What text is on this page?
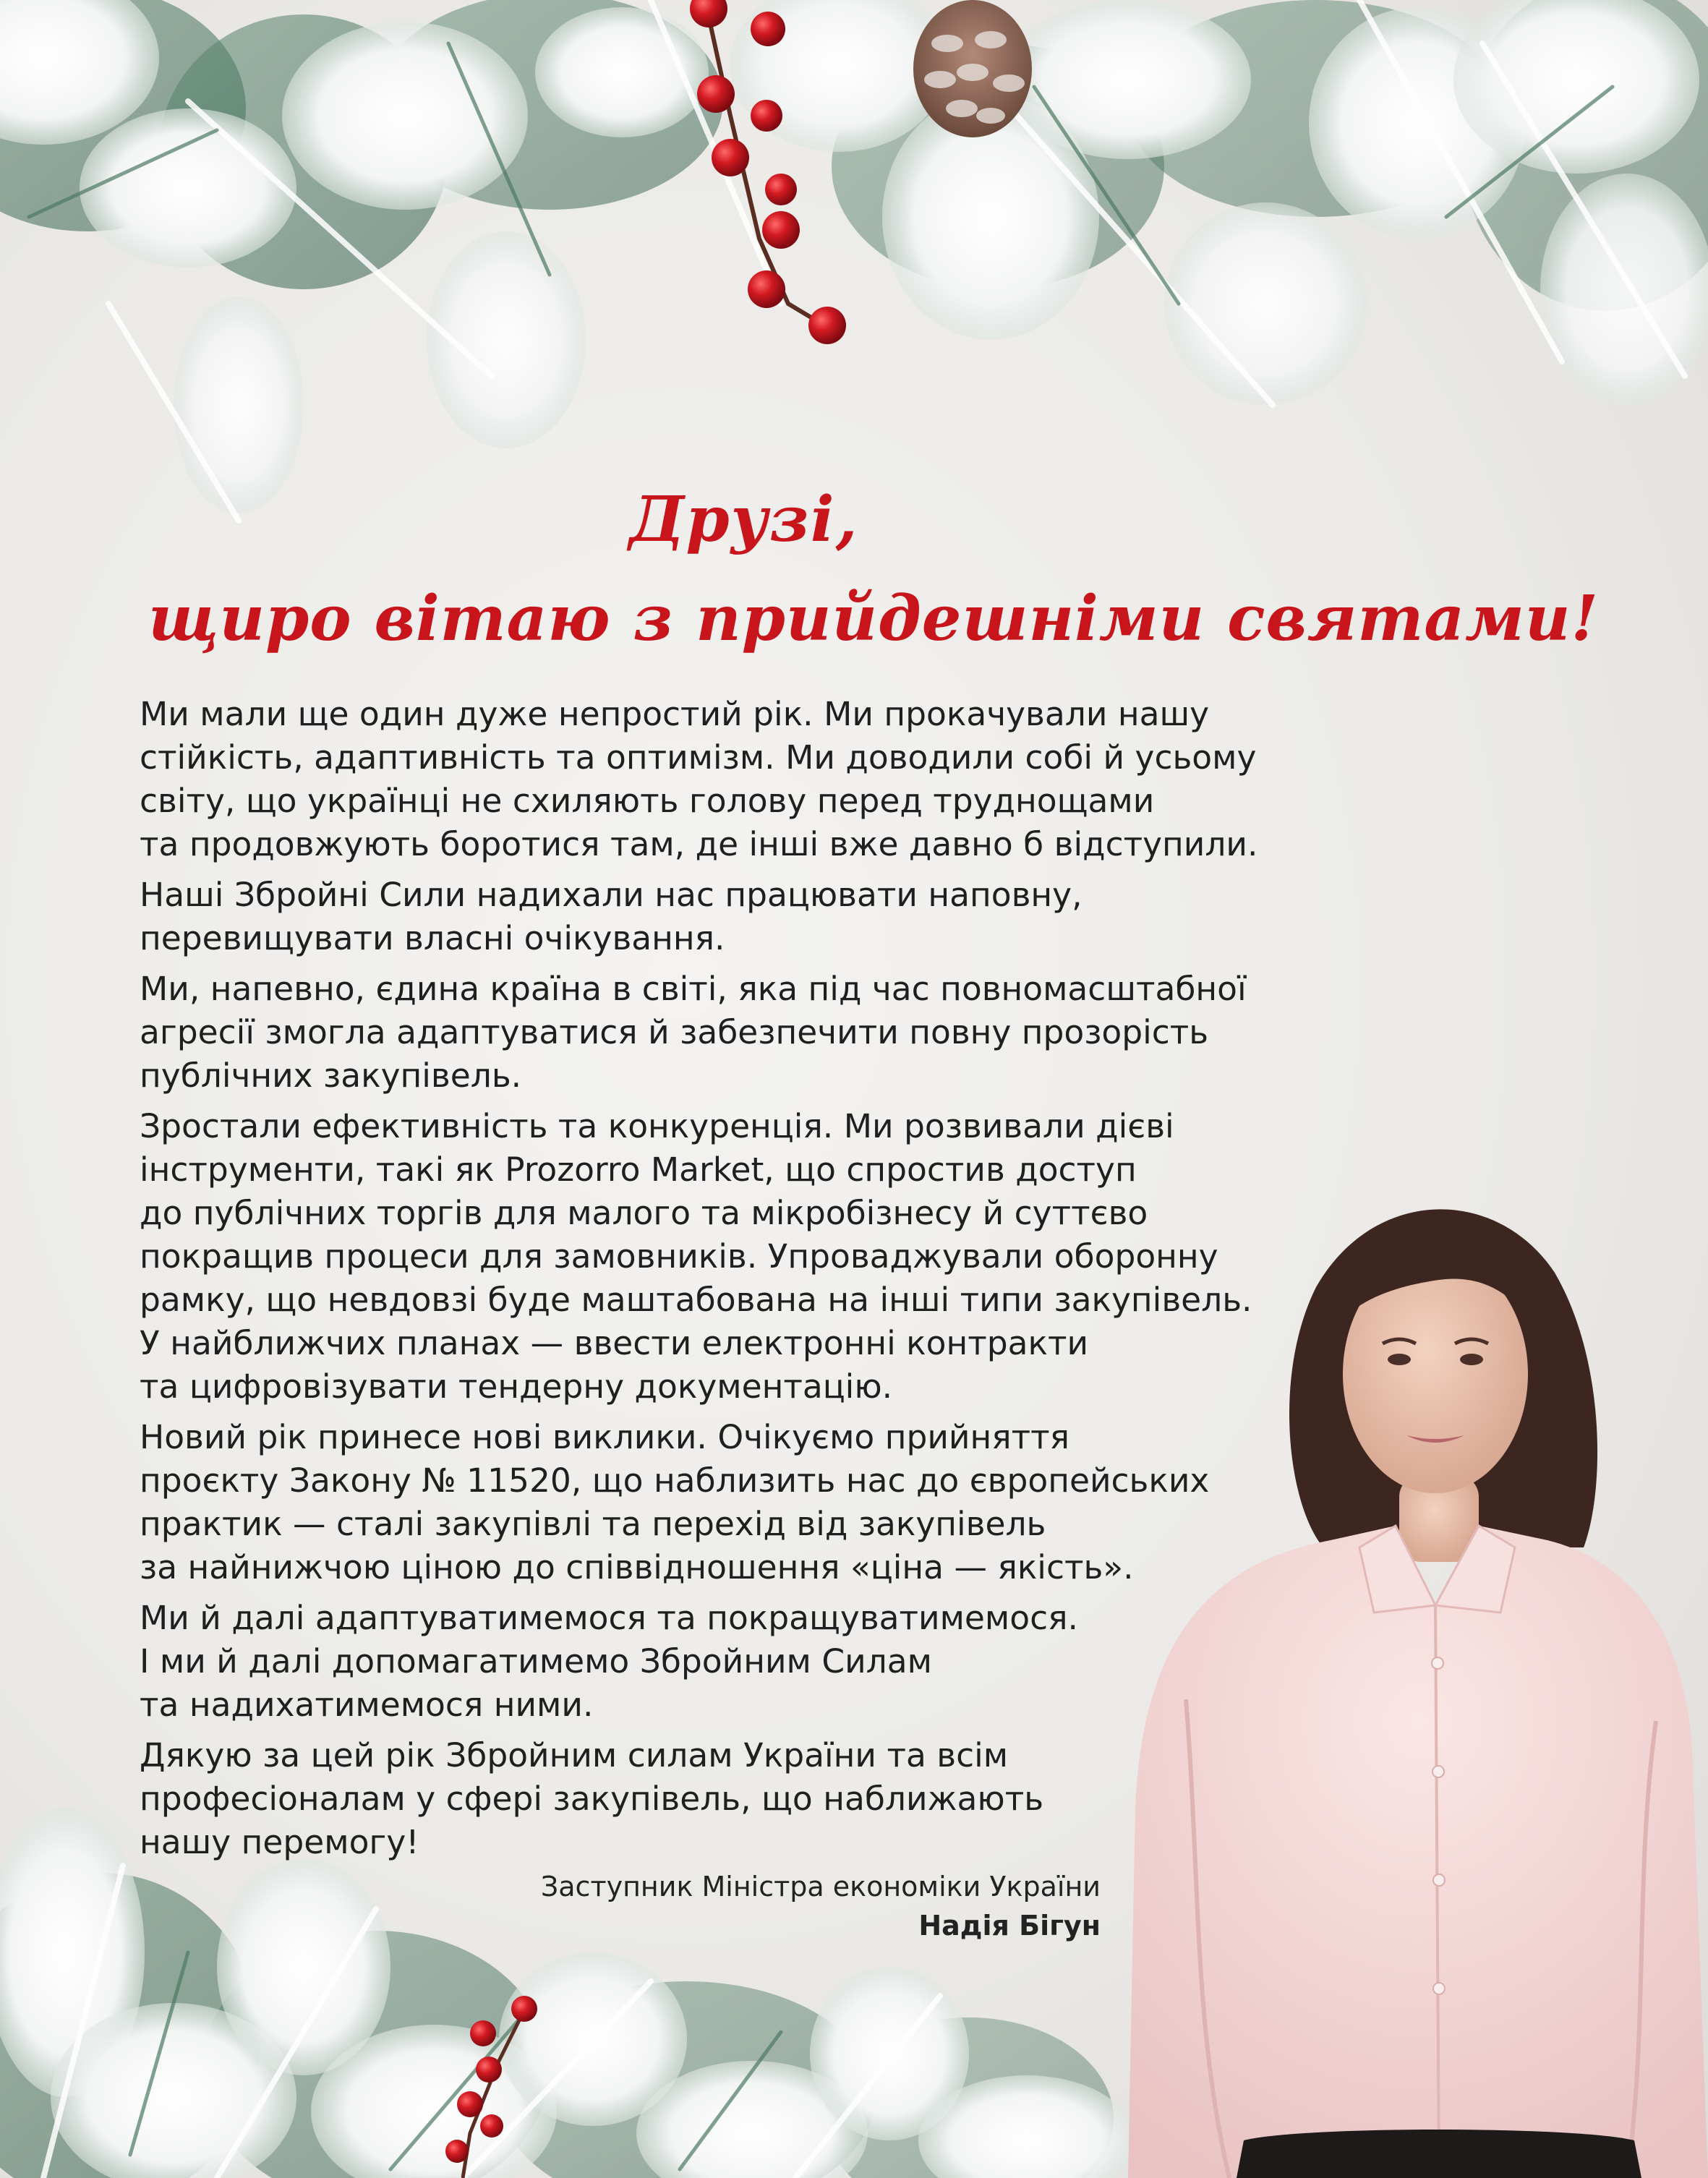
Друзі,
щиро вітаю з прийдешніми святами!

Ми мали ще один дуже непростий рік. Ми прокачували нашу
стійкість, адаптивність та оптимізм. Ми доводили собі й усьому
світу, що українці не схиляють голову перед труднощами
та продовжують боротися там, де інші вже давно б відступили.

Наші Збройні Сили надихали нас працювати наповну,
перевищувати власні очікування.

Ми, напевно, єдина країна в світі, яка під час повномасштабної
агресії змогла адаптуватися й забезпечити повну прозорість
публічних закупівель.

Зростали ефективність та конкуренція. Ми розвивали дієві
інструменти, такі як Prozorro Market, що спростив доступ
до публічних торгів для малого та мікробізнесу й суттєво
покращив процеси для замовників. Упроваджували оборонну
рамку, що невдовзі буде маштабована на інші типи закупівель.
У найближчих планах — ввести електронні контракти
та цифровізувати тендерну документацію.

Новий рік принесе нові виклики. Очікуємо прийняття
проєкту Закону № 11520, що наблизить нас до європейських
практик — сталі закупівлі та перехід від закупівель
за найнижчою ціною до співвідношення «ціна — якість».

Ми й далі адаптуватимемося та покращуватимемося.
І ми й далі допомагатимемо Збройним Силам
та надихатимемося ними.

Дякую за цей рік Збройним силам України та всім
професіоналам у сфері закупівель, що наближають
нашу перемогу!

Заступник Міністра економіки України
Надія Бігун
